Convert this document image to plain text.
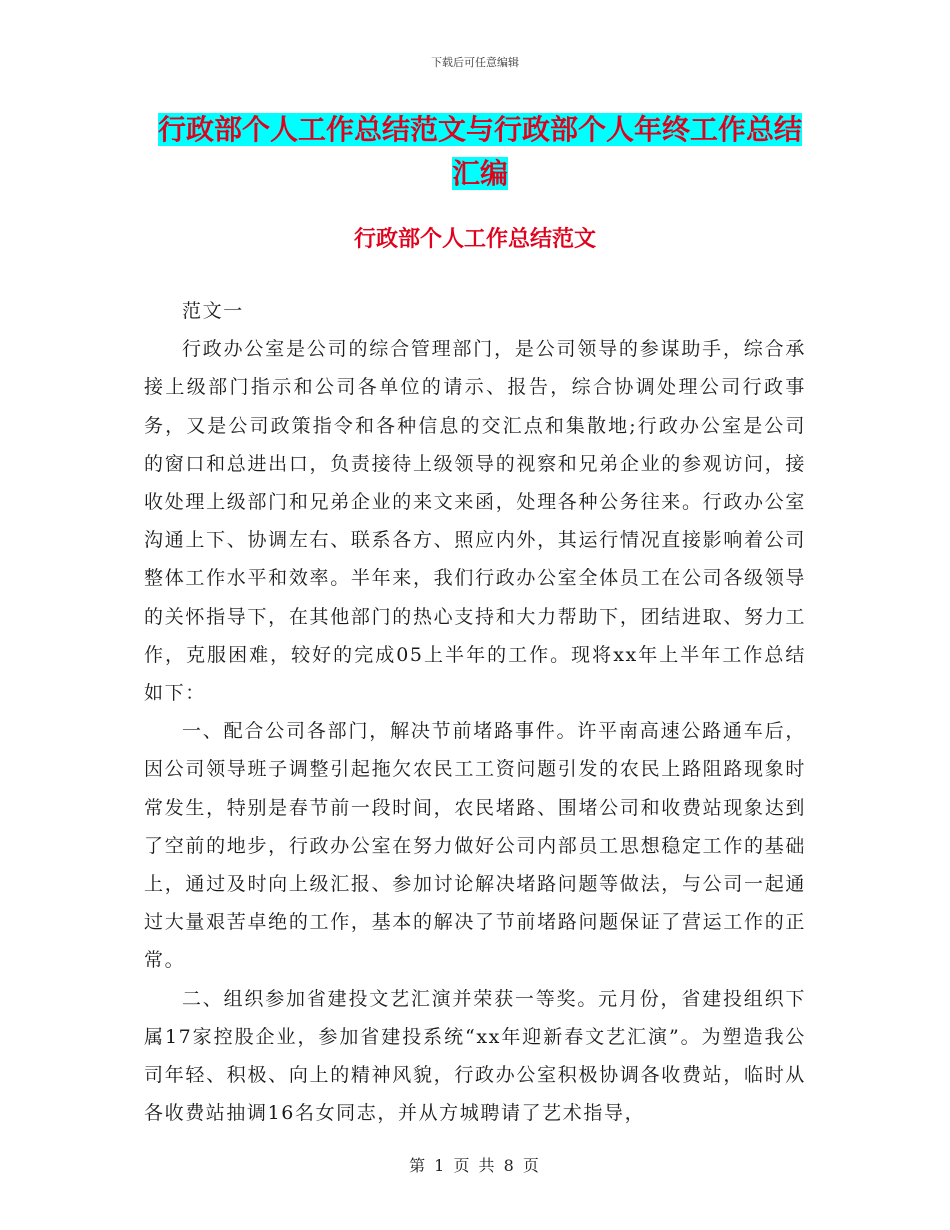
下载后可任意编辑
行政部个人工作总结范文与行政部个人年终工作总结
汇编
行政部个人工作总结范文

范文一

行政办公室是公司的综合管理部门，是公司领导的参谋助手，综合承接上级部门指示和公司各单位的请示、报告，综合协调处理公司行政事务，又是公司政策指令和各种信息的交汇点和集散地;行政办公室是公司的窗口和总进出口，负责接待上级领导的视察和兄弟企业的参观访问，接收处理上级部门和兄弟企业的来文来函，处理各种公务往来。行政办公室沟通上下、协调左右、联系各方、照应内外，其运行情况直接影响着公司整体工作水平和效率。半年来，我们行政办公室全体员工在公司各级领导的关怀指导下，在其他部门的热心支持和大力帮助下，团结进取、努力工作，克服困难，较好的完成05上半年的工作。现将xx年上半年工作总结如下：

一、配合公司各部门，解决节前堵路事件。许平南高速公路通车后，因公司领导班子调整引起拖欠农民工工资问题引发的农民上路阻路现象时常发生，特别是春节前一段时间，农民堵路、围堵公司和收费站现象达到了空前的地步，行政办公室在努力做好公司内部员工思想稳定工作的基础上，通过及时向上级汇报、参加讨论解决堵路问题等做法，与公司一起通过大量艰苦卓绝的工作，基本的解决了节前堵路问题保证了营运工作的正常。

二、组织参加省建投文艺汇演并荣获一等奖。元月份，省建投组织下属17家控股企业，参加省建投系统“xx年迎新春文艺汇演”。为塑造我公司年轻、积极、向上的精神风貌，行政办公室积极协调各收费站，临时从各收费站抽调16名女同志，并从方城聘请了艺术指导，

第 1 页 共 8 页
